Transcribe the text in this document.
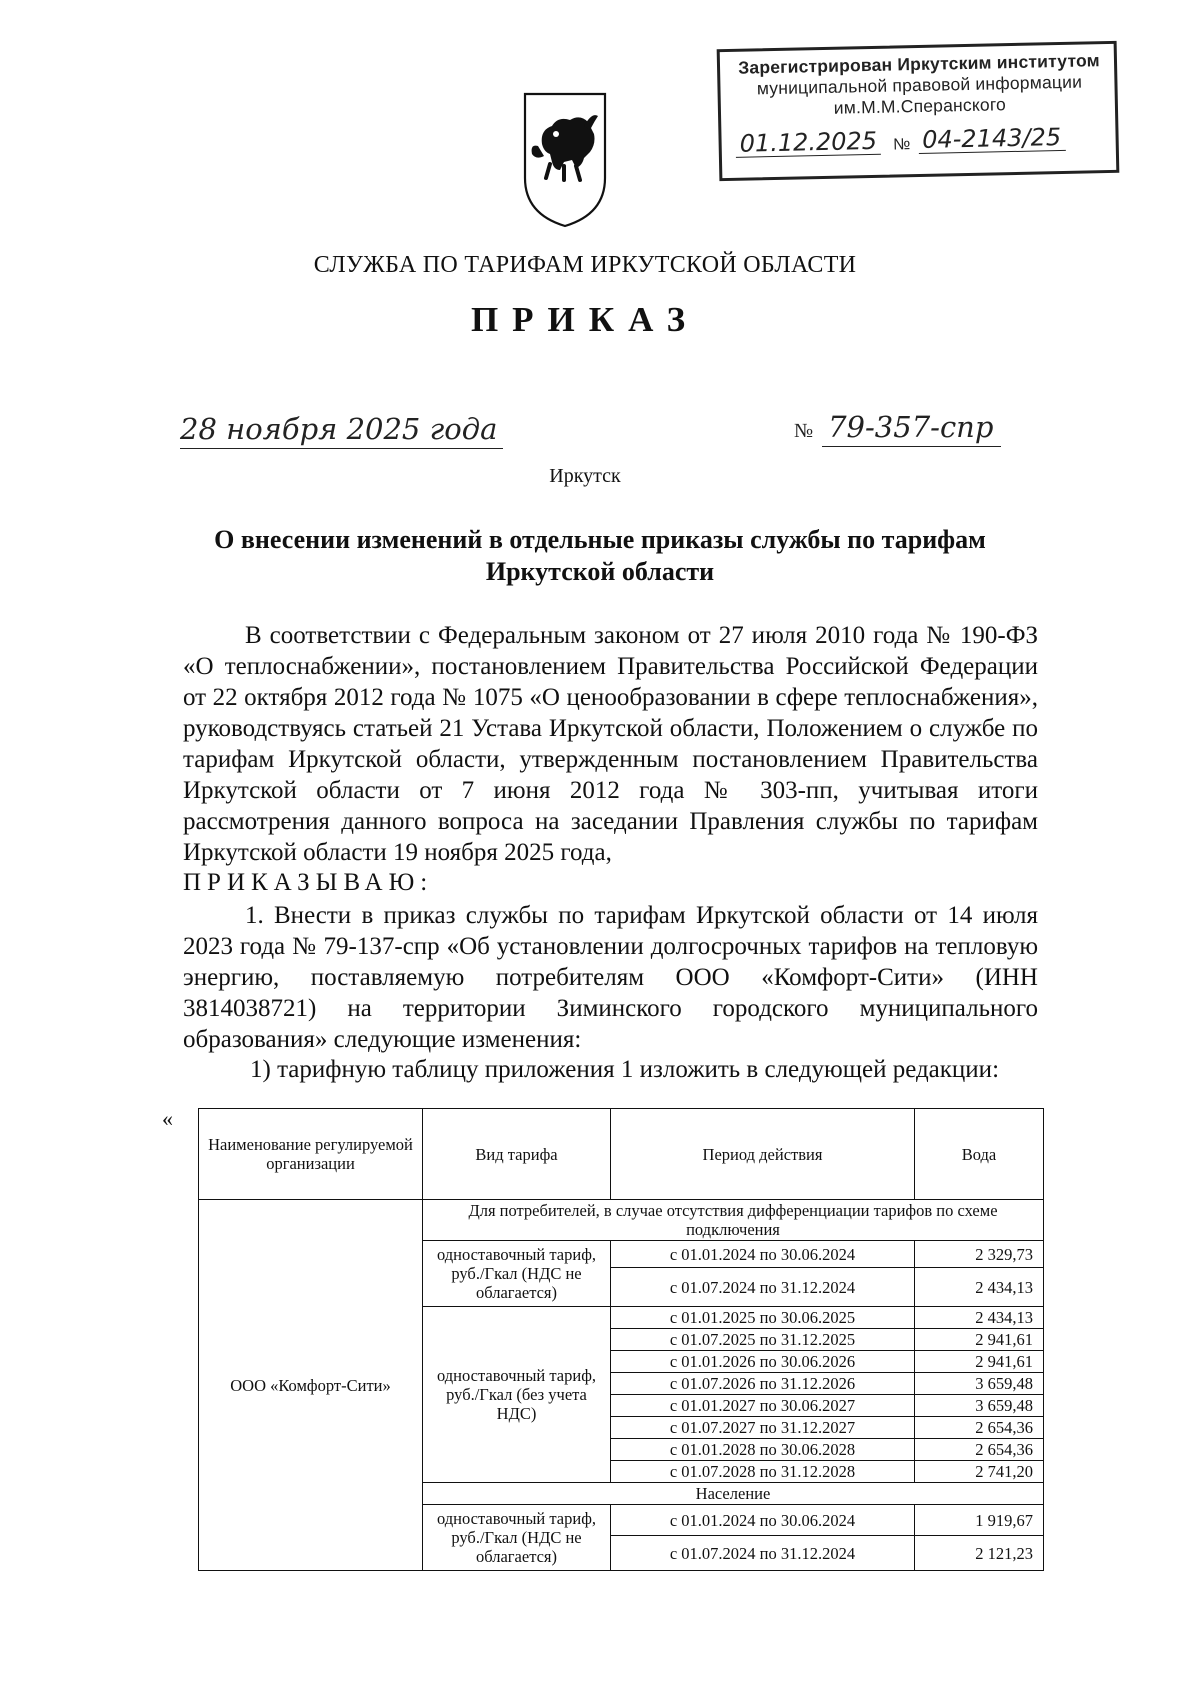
Зарегистрирован Иркутским институтом
муниципальной правовой информации
им.М.М.Сперанского
01.12.2025 № 04-2143/25
СЛУЖБА ПО ТАРИФАМ ИРКУТСКОЙ ОБЛАСТИ
ПРИКАЗ
28 ноября 2025 года	№ 79-357-спр
Иркутск
О внесении изменений в отдельные приказы службы по тарифам Иркутской области
В соответствии с Федеральным законом от 27 июля 2010 года № 190-ФЗ «О теплоснабжении», постановлением Правительства Российской Федерации от 22 октября 2012 года № 1075 «О ценообразовании в сфере теплоснабжения», руководствуясь статьей 21 Устава Иркутской области, Положением о службе по тарифам Иркутской области, утвержденным постановлением Правительства Иркутской области от 7 июня 2012 года № 303-пп, учитывая итоги рассмотрения данного вопроса на заседании Правления службы по тарифам Иркутской области 19 ноября 2025 года,
ПРИКАЗЫВАЮ:
1. Внести в приказ службы по тарифам Иркутской области от 14 июля 2023 года № 79-137-спр «Об установлении долгосрочных тарифов на тепловую энергию, поставляемую потребителям ООО «Комфорт-Сити» (ИНН 3814038721) на территории Зиминского городского муниципального образования» следующие изменения:
1) тарифную таблицу приложения 1 изложить в следующей редакции:
«
Наименование регулируемой организации	Вид тарифа	Период действия	Вода
ООО «Комфорт-Сити»	Для потребителей, в случае отсутствия дифференциации тарифов по схеме подключения		
	одноставочный тариф, руб./Гкал (НДС не облагается)	с 01.01.2024 по 30.06.2024	2 329,73
		с 01.07.2024 по 31.12.2024	2 434,13
	одноставочный тариф, руб./Гкал (без учета НДС)	с 01.01.2025 по 30.06.2025	2 434,13
		с 01.07.2025 по 31.12.2025	2 941,61
		с 01.01.2026 по 30.06.2026	2 941,61
		с 01.07.2026 по 31.12.2026	3 659,48
		с 01.01.2027 по 30.06.2027	3 659,48
		с 01.07.2027 по 31.12.2027	2 654,36
		с 01.01.2028 по 30.06.2028	2 654,36
		с 01.07.2028 по 31.12.2028	2 741,20
	Население		
	одноставочный тариф, руб./Гкал (НДС не облагается)	с 01.01.2024 по 30.06.2024	1 919,67
		с 01.07.2024 по 31.12.2024	2 121,23
